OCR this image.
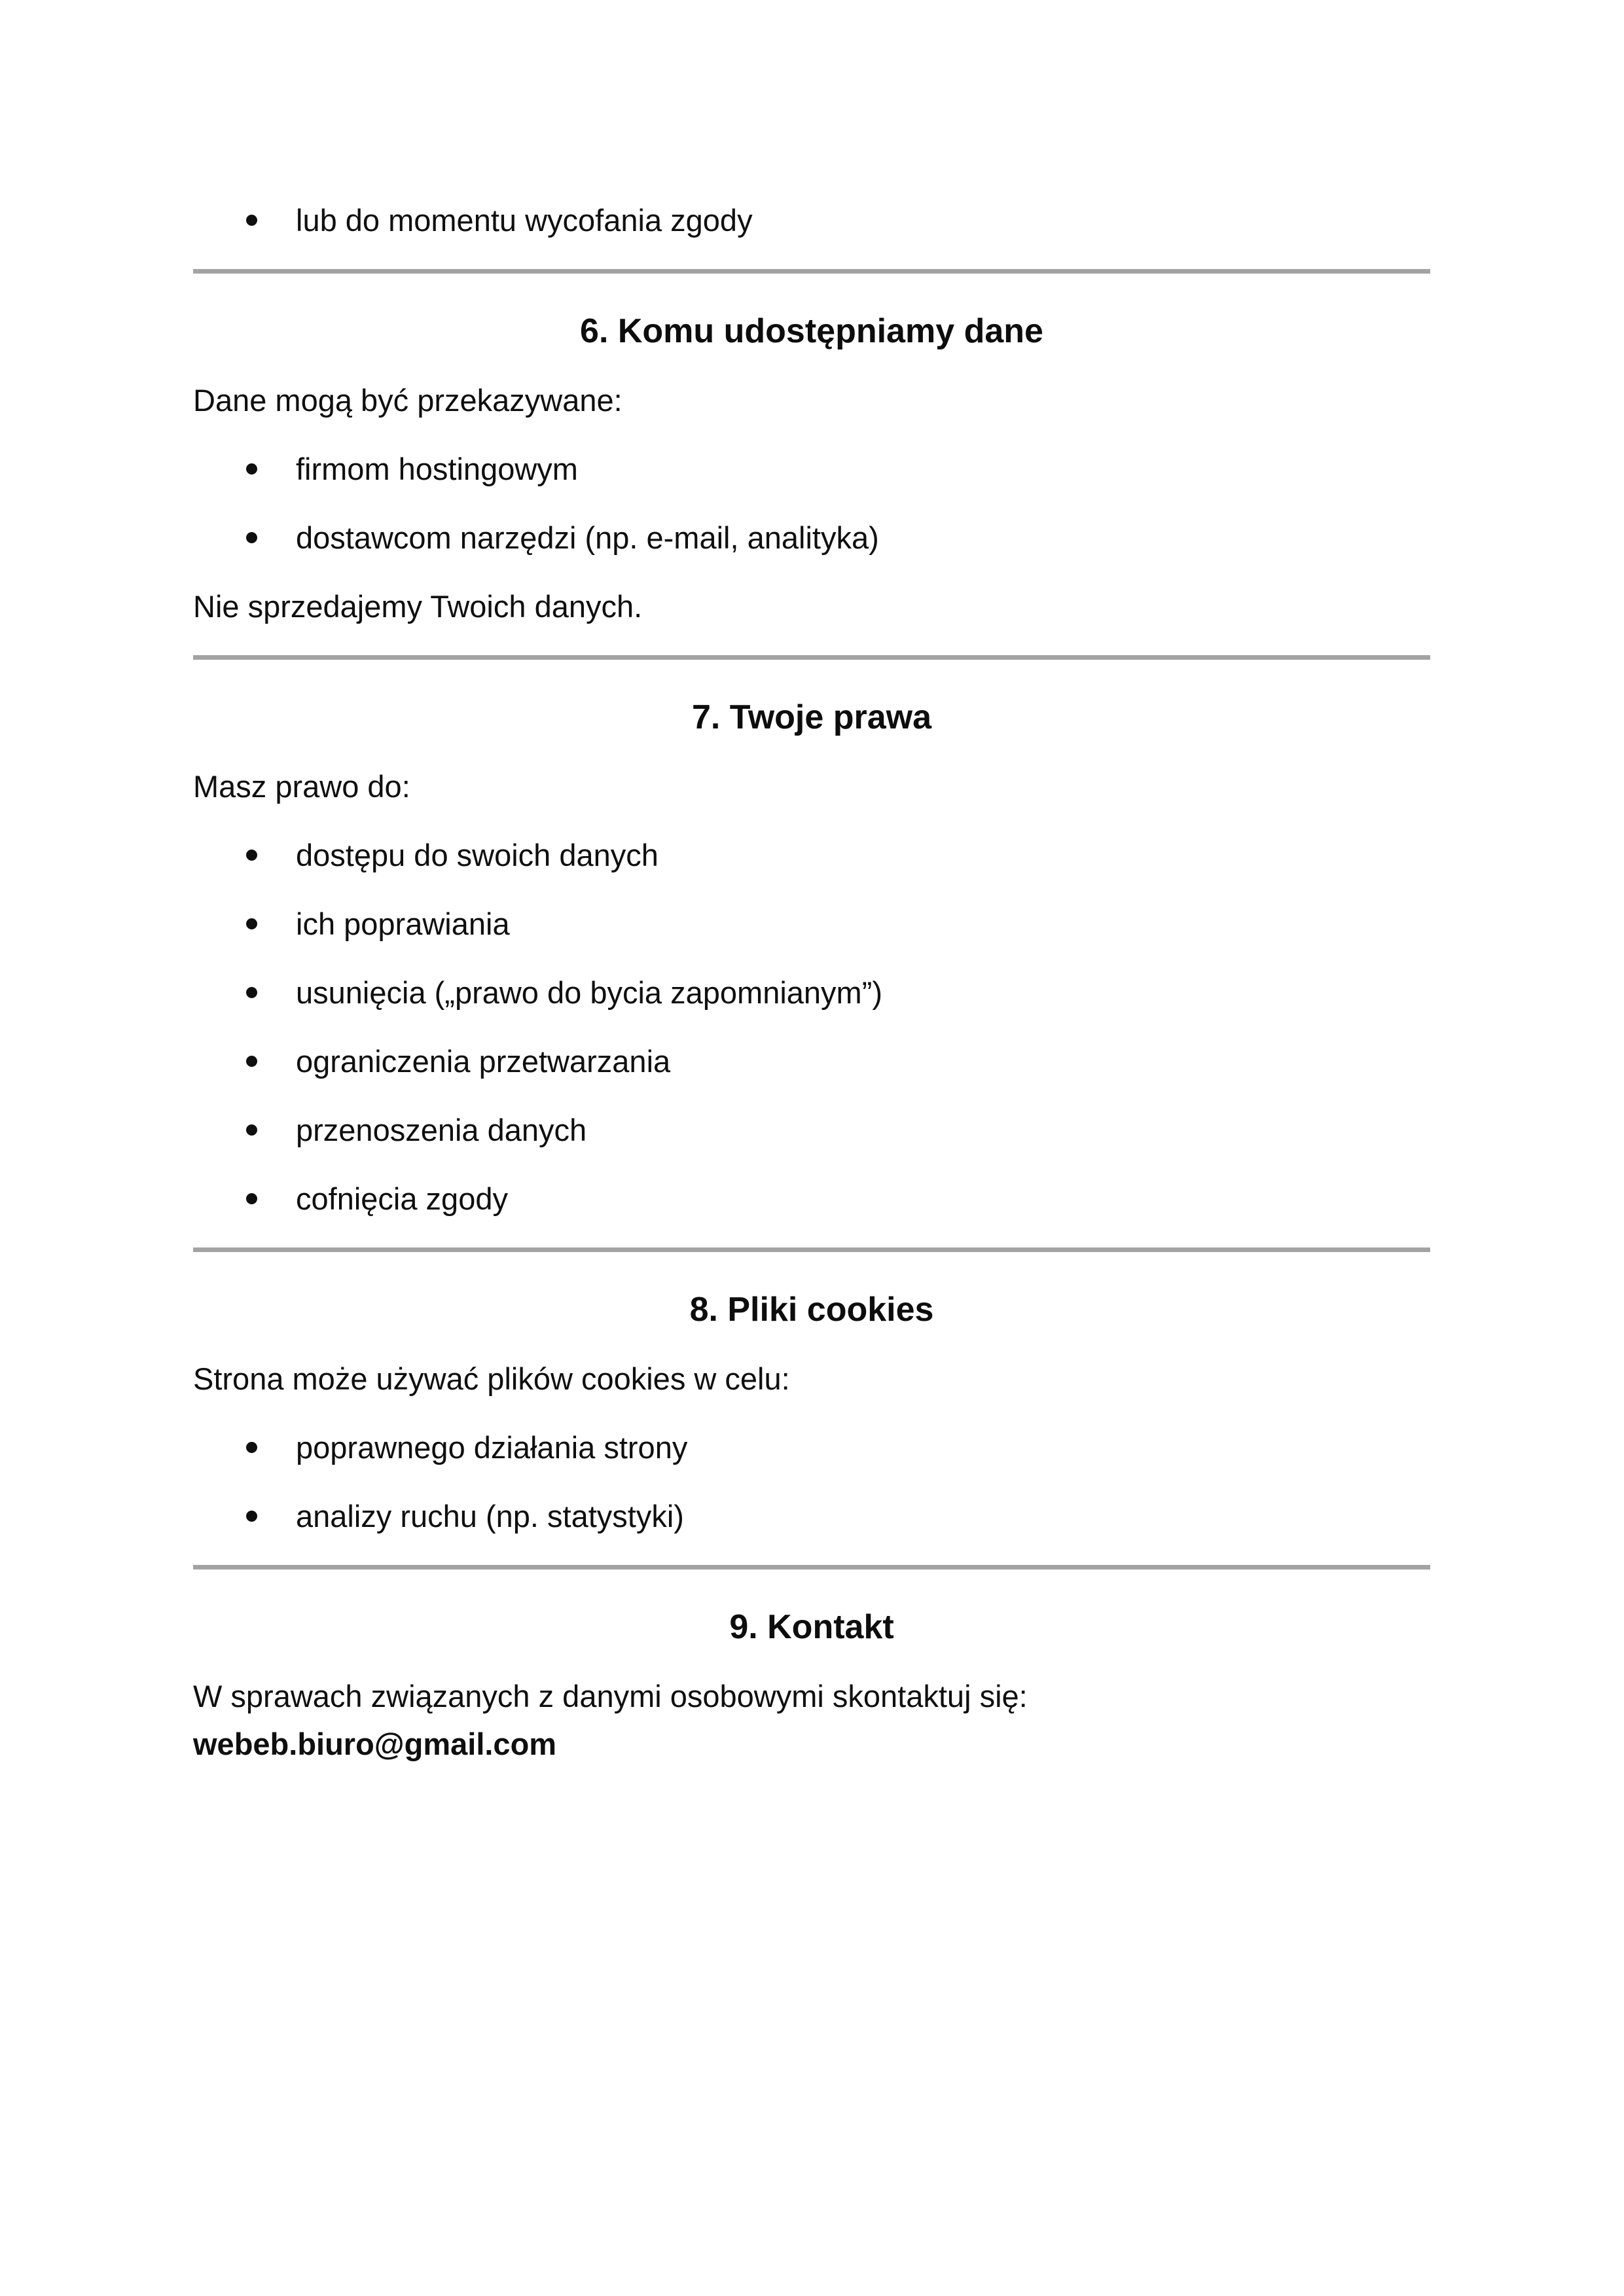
lub do momentu wycofania zgody
6. Komu udostępniamy dane

Dane mogą być przekazywane:

firmom hostingowym
dostawcom narzędzi (np. e-mail, analityka)

Nie sprzedajemy Twoich danych.

7. Twoje prawa

Masz prawo do:

dostępu do swoich danych
ich poprawiania
usunięcia („prawo do bycia zapomnianym”)
ograniczenia przetwarzania
przenoszenia danych
cofnięcia zgody
8. Pliki cookies

Strona może używać plików cookies w celu:

poprawnego działania strony
analizy ruchu (np. statystyki)
9. Kontakt

W sprawach związanych z danymi osobowymi skontaktuj się:

webeb.biuro@gmail.com
